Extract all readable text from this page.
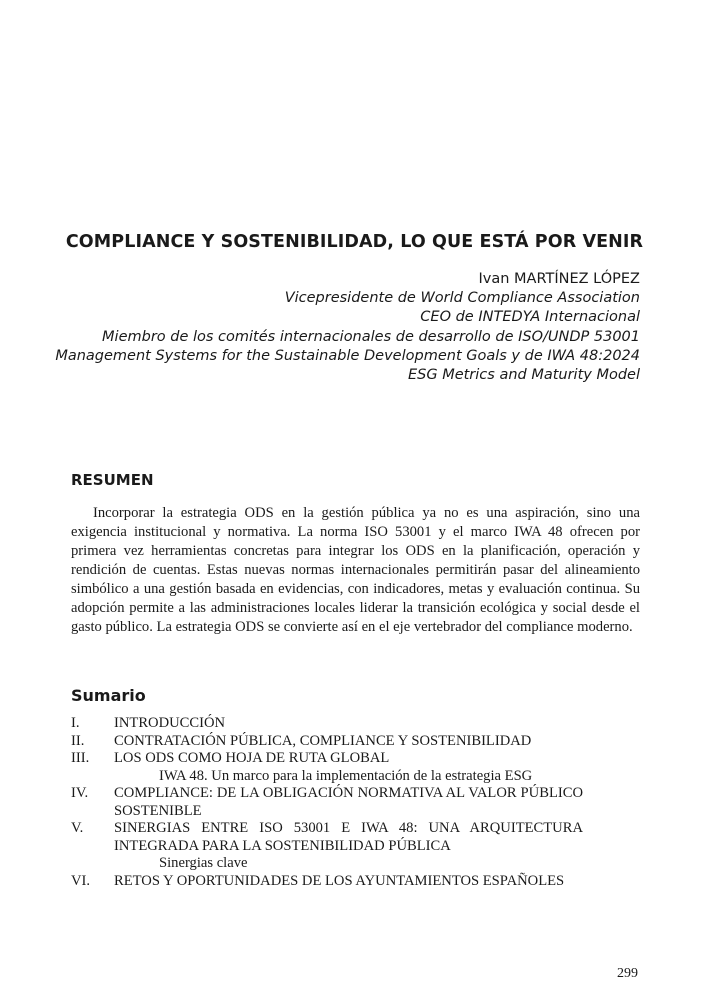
COMPLIANCE Y SOSTENIBILIDAD, LO QUE ESTÁ POR VENIR
Ivan MARTÍNEZ LÓPEZ
Vicepresidente de World Compliance Association
CEO de INTEDYA Internacional
Miembro de los comités internacionales de desarrollo de ISO/UNDP 53001
Management Systems for the Sustainable Development Goals y de IWA 48:2024
ESG Metrics and Maturity Model
RESUMEN

Incorporar la estrategia ODS en la gestión pública ya no es una aspiración, sino una exigencia institucional y normativa. La norma ISO 53001 y el marco IWA 48 ofrecen por primera vez herramientas concretas para integrar los ODS en la planificación, operación y rendición de cuentas. Estas nuevas normas internacionales permitirán pasar del alineamiento simbólico a una gestión basada en evidencias, con indicadores, metas y evaluación continua. Su adopción permite a las administraciones locales liderar la transición ecológica y social desde el gasto público. La estrategia ODS se convierte así en el eje vertebrador del compliance moderno.

Sumario
I.	INTRODUCCIÓN
II.	CONTRATACIÓN PÚBLICA, COMPLIANCE Y SOSTENIBILIDAD
III.	LOS ODS COMO HOJA DE RUTA GLOBAL
IWA 48. Un marco para la implementación de la estrategia ESG
IV.	COMPLIANCE: DE LA OBLIGACIÓN NORMATIVA AL VALOR PÚBLICO SOSTENIBLE
V.	SINERGIAS ENTRE ISO 53001 E IWA 48: UNA ARQUITECTURA INTEGRADA PARA LA SOSTENIBILIDAD PÚBLICA
Sinergias clave
VI.	RETOS Y OPORTUNIDADES DE LOS AYUNTAMIENTOS ESPAÑOLES
299
